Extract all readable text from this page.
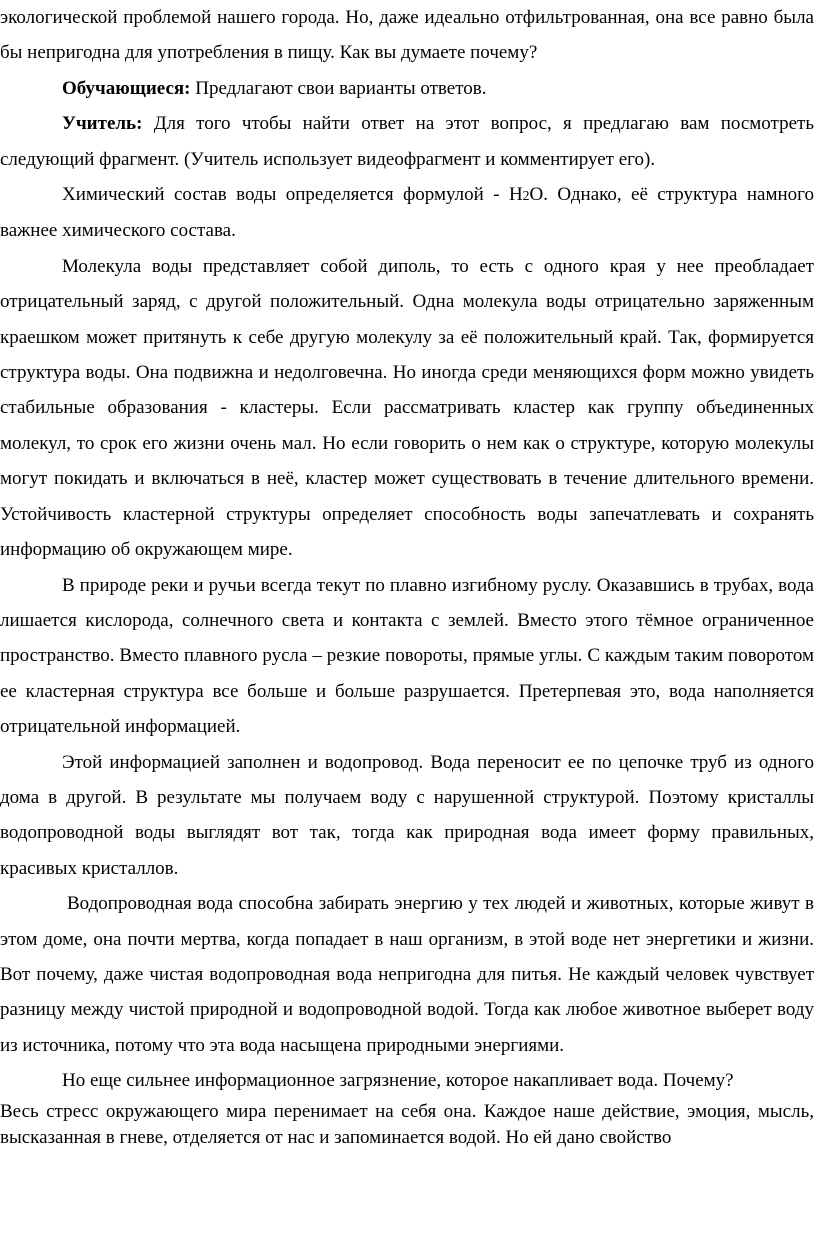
экологической проблемой нашего города. Но, даже идеально отфильтрованная, она все равно была бы непригодна для употребления в пищу. Как вы думаете почему?

Обучающиеся: Предлагают свои варианты ответов.

Учитель: Для того чтобы найти ответ на этот вопрос, я предлагаю вам посмотреть следующий фрагмент. (Учитель использует видеофрагмент и комментирует его).

Химический состав воды определяется формулой - Н2О. Однако, её структура намного важнее химического состава.

Молекула воды представляет собой диполь, то есть с одного края у нее преобладает отрицательный заряд, с другой положительный. Одна молекула воды отрицательно заряженным краешком может притянуть к себе другую молекулу за её положительный край. Так, формируется структура воды. Она подвижна и недолговечна. Но иногда среди меняющихся форм можно увидеть стабильные образования - кластеры. Если рассматривать кластер как группу объединенных молекул, то срок его жизни очень мал. Но если говорить о нем как о структуре, которую молекулы могут покидать и включаться в неё, кластер может существовать в течение длительного времени. Устойчивость кластерной структуры определяет способность воды запечатлевать и сохранять информацию об окружающем мире.

В природе реки и ручьи всегда текут по плавно изгибному руслу. Оказавшись в трубах, вода лишается кислорода, солнечного света и контакта с землей. Вместо этого тёмное ограниченное пространство. Вместо плавного русла – резкие повороты, прямые углы. С каждым таким поворотом ее кластерная структура все больше и больше разрушается. Претерпевая это, вода наполняется отрицательной информацией.

Этой информацией заполнен и водопровод. Вода переносит ее по цепочке труб из одного дома в другой. В результате мы получаем воду с нарушенной структурой. Поэтому кристаллы водопроводной воды выглядят вот так, тогда как природная вода имеет форму правильных, красивых кристаллов.

Водопроводная вода способна забирать энергию у тех людей и животных, которые живут в этом доме, она почти мертва, когда попадает в наш организм, в этой воде нет энергетики и жизни. Вот почему, даже чистая водопроводная вода непригодна для питья. Не каждый человек чувствует разницу между чистой природной и водопроводной водой. Тогда как любое животное выберет воду из источника, потому что эта вода насыщена природными энергиями.

Но еще сильнее информационное загрязнение, которое накапливает вода. Почему?

Весь стресс окружающего мира перенимает на себя она. Каждое наше действие, эмоция, мысль, высказанная в гневе, отделяется от нас и запоминается водой. Но ей дано свойство
